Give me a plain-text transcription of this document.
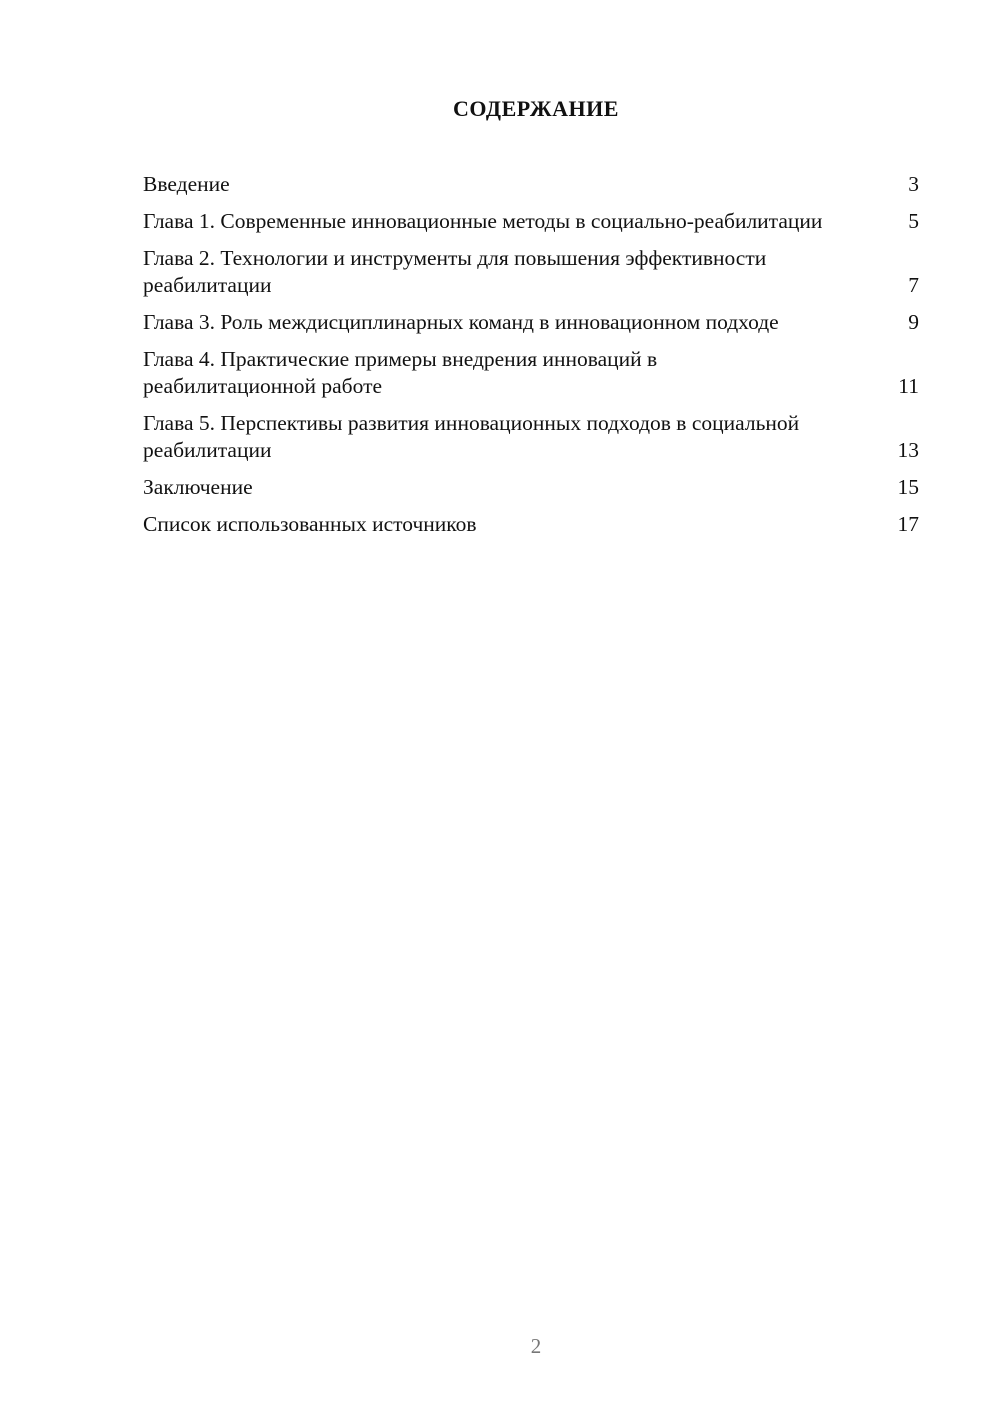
СОДЕРЖАНИЕ
Введение	3
Глава 1. Современные инновационные методы в социально-реабилитации	5
Глава 2. Технологии и инструменты для повышения эффективности реабилитации	7
Глава 3. Роль междисциплинарных команд в инновационном подходе	9
Глава 4. Практические примеры внедрения инноваций в реабилитационной работе	11
Глава 5. Перспективы развития инновационных подходов в социальной реабилитации	13
Заключение	15
Список использованных источников	17
2
